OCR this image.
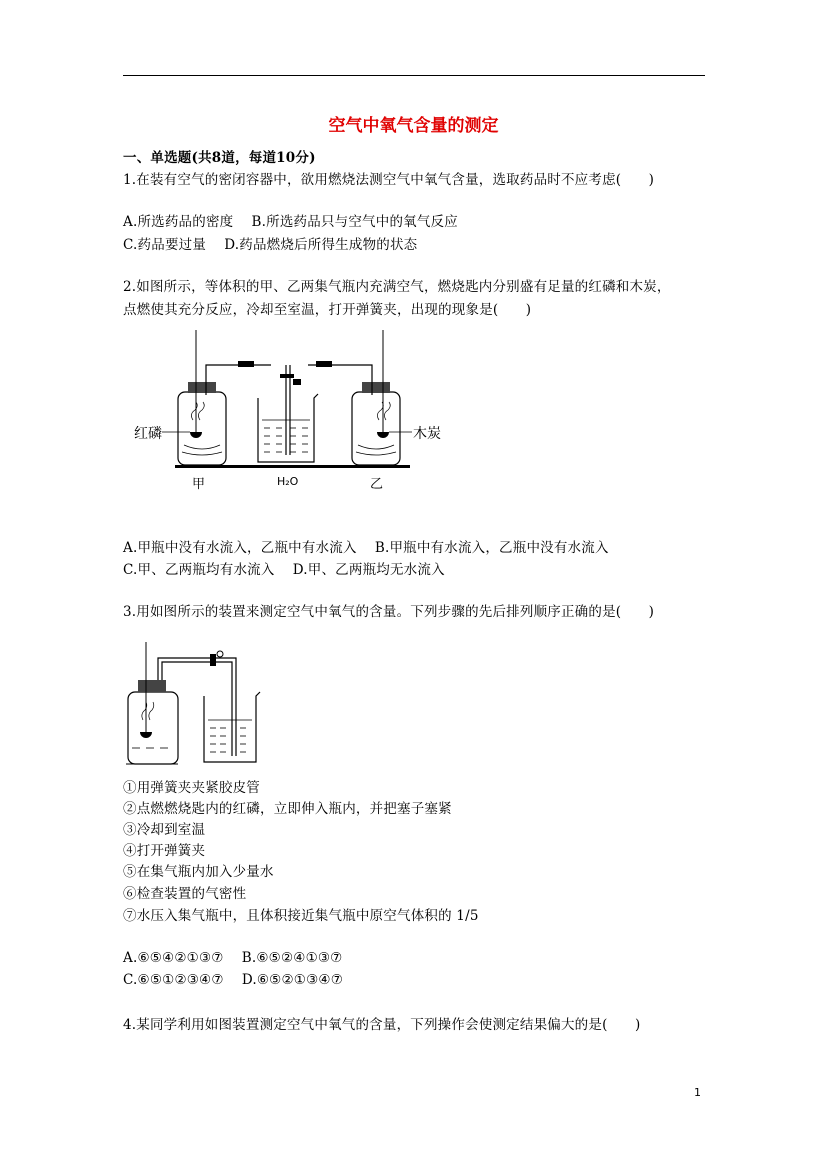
空气中氧气含量的测定
一、单选题(共8道，每道10分)
1.在装有空气的密闭容器中，欲用燃烧法测空气中氧气含量，选取药品时不应考虑(　　)
A.所选药品的密度　 B.所选药品只与空气中的氧气反应
C.药品要过量　 D.药品燃烧后所得生成物的状态
2.如图所示，等体积的甲、乙两集气瓶内充满空气，燃烧匙内分别盛有足量的红磷和木炭，
点燃使其充分反应，冷却至室温，打开弹簧夹，出现的现象是(　　)
红磷	木炭
甲	H₂O	乙
A.甲瓶中没有水流入，乙瓶中有水流入　 B.甲瓶中有水流入，乙瓶中没有水流入
C.甲、乙两瓶均有水流入　 D.甲、乙两瓶均无水流入
3.用如图所示的装置来测定空气中氧气的含量。下列步骤的先后排列顺序正确的是(　　)
①用弹簧夹夹紧胶皮管
②点燃燃烧匙内的红磷，立即伸入瓶内，并把塞子塞紧
③冷却到室温
④打开弹簧夹
⑤在集气瓶内加入少量水
⑥检查装置的气密性
⑦水压入集气瓶中，且体积接近集气瓶中原空气体积的 1/5
A.⑥⑤④②①③⑦　 B.⑥⑤②④①③⑦
C.⑥⑤①②③④⑦　 D.⑥⑤②①③④⑦
4.某同学利用如图装置测定空气中氧气的含量，下列操作会使测定结果偏大的是(　　)
1
